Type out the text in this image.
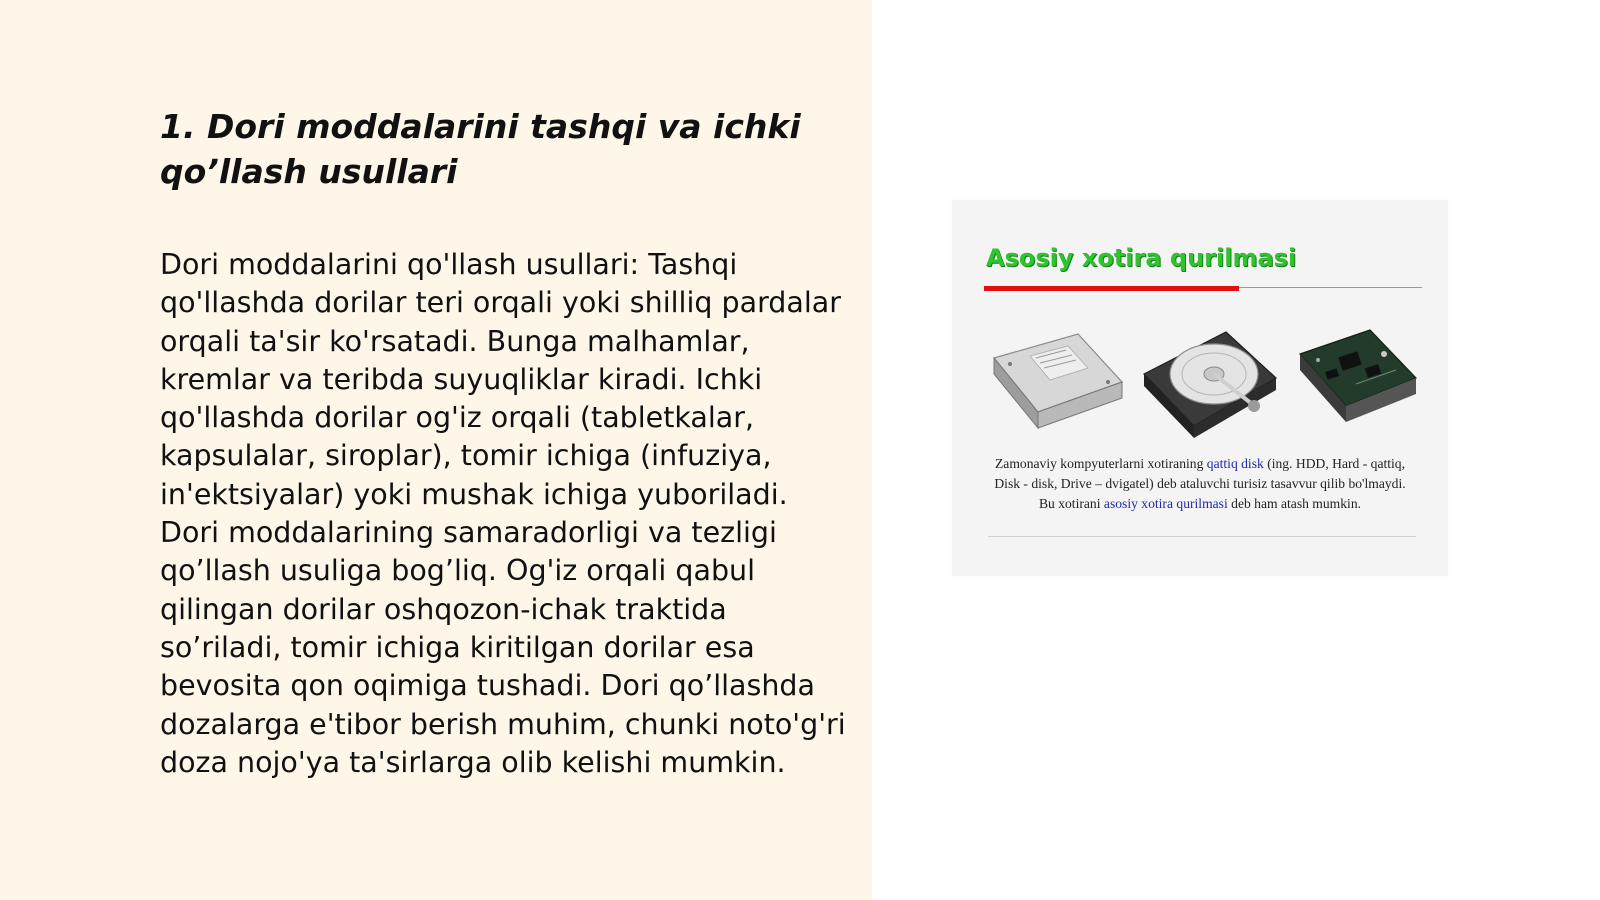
1. Dori moddalarini tashqi va ichki qo’llash usullari

Dori moddalarini qo'llash usullari: Tashqi qo'llashda dorilar teri orqali yoki shilliq pardalar orqali ta'sir ko'rsatadi. Bunga malhamlar, kremlar va teribda suyuqliklar kiradi. Ichki qo'llashda dorilar og'iz orqali (tabletkalar, kapsulalar, siroplar), tomir ichiga (infuziya, in'ektsiyalar) yoki mushak ichiga yuboriladi. Dori moddalarining samaradorligi va tezligi qo’llash usuliga bog’liq. Og'iz orqali qabul qilingan dorilar oshqozon-ichak traktida so’riladi, tomir ichiga kiritilgan dorilar esa bevosita qon oqimiga tushadi. Dori qo’llashda dozalarga e'tibor berish muhim, chunki noto'g'ri doza nojo'ya ta'sirlarga olib kelishi mumkin.

Asosiy xotira qurilmasi
Zamonaviy kompyuterlarni xotiraning qattiq disk (ing. HDD, Hard - qattiq, Disk - disk, Drive – dvigatel) deb ataluvchi turisiz tasavvur qilib bo'lmaydi. Bu xotirani asosiy xotira qurilmasi deb ham atash mumkin.
